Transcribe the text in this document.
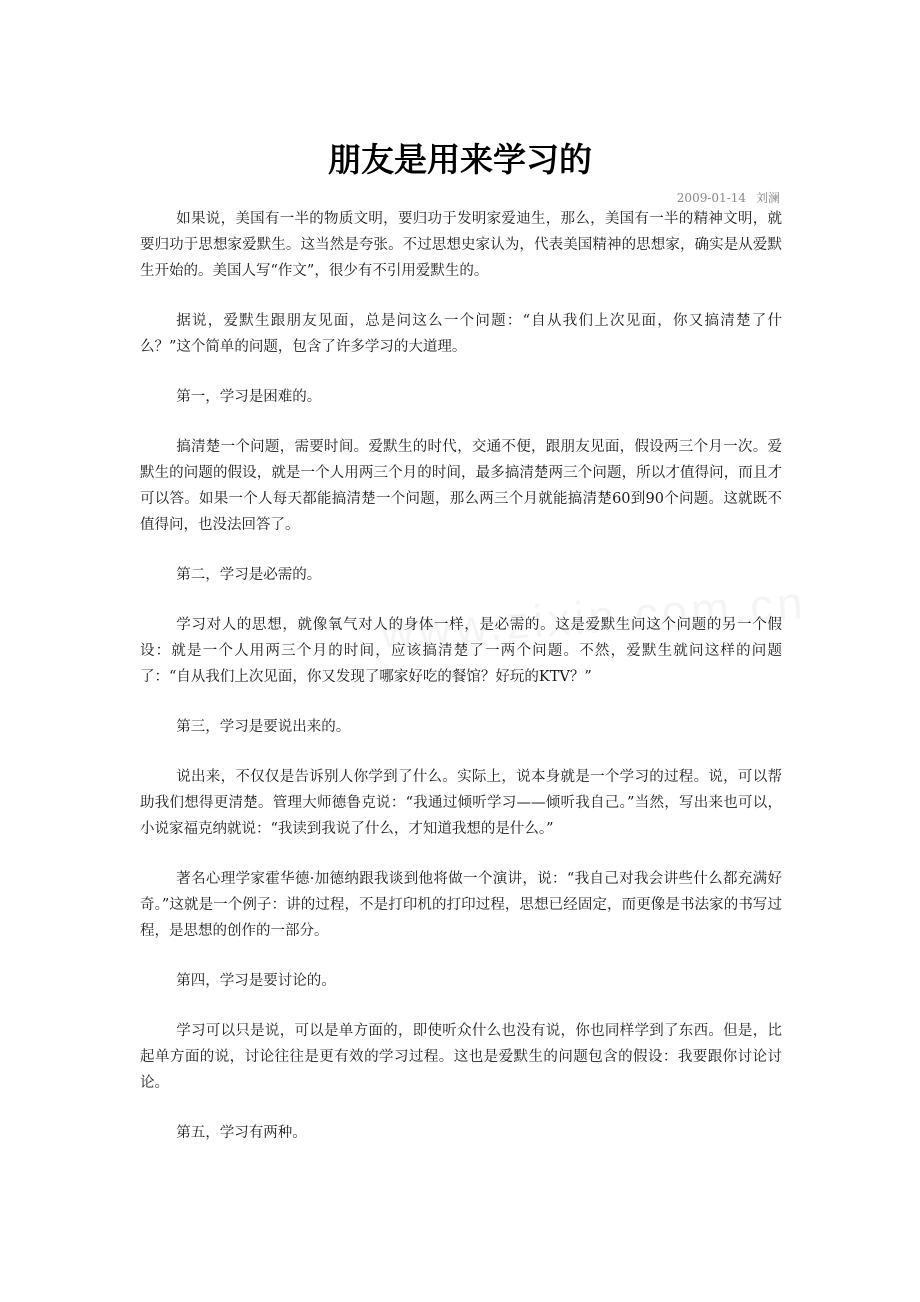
朋友是用来学习的
2009-01-14 刘澜

如果说，美国有一半的物质文明，要归功于发明家爱迪生，那么，美国有一半的精神文明，就要归功于思想家爱默生。这当然是夸张。不过思想史家认为，代表美国精神的思想家，确实是从爱默生开始的。美国人写“作文”，很少有不引用爱默生的。

据说，爱默生跟朋友见面，总是问这么一个问题：“自从我们上次见面，你又搞清楚了什么？”这个简单的问题，包含了许多学习的大道理。

第一，学习是困难的。

搞清楚一个问题，需要时间。爱默生的时代，交通不便，跟朋友见面，假设两三个月一次。爱默生的问题的假设，就是一个人用两三个月的时间，最多搞清楚两三个问题，所以才值得问，而且才可以答。如果一个人每天都能搞清楚一个问题，那么两三个月就能搞清楚60到90个问题。这就既不值得问，也没法回答了。

第二，学习是必需的。

学习对人的思想，就像氧气对人的身体一样，是必需的。这是爱默生问这个问题的另一个假设：就是一个人用两三个月的时间，应该搞清楚了一两个问题。不然，爱默生就问这样的问题了：“自从我们上次见面，你又发现了哪家好吃的餐馆？好玩的KTV？”

第三，学习是要说出来的。

说出来，不仅仅是告诉别人你学到了什么。实际上，说本身就是一个学习的过程。说，可以帮助我们想得更清楚。管理大师德鲁克说：“我通过倾听学习——倾听我自己。”当然，写出来也可以，小说家福克纳就说：“我读到我说了什么，才知道我想的是什么。”

著名心理学家霍华德·加德纳跟我谈到他将做一个演讲，说：“我自己对我会讲些什么都充满好奇。”这就是一个例子：讲的过程，不是打印机的打印过程，思想已经固定，而更像是书法家的书写过程，是思想的创作的一部分。

第四，学习是要讨论的。

学习可以只是说，可以是单方面的，即使听众什么也没有说，你也同样学到了东西。但是，比起单方面的说，讨论往往是更有效的学习过程。这也是爱默生的问题包含的假设：我要跟你讨论讨论。

第五，学习有两种。
